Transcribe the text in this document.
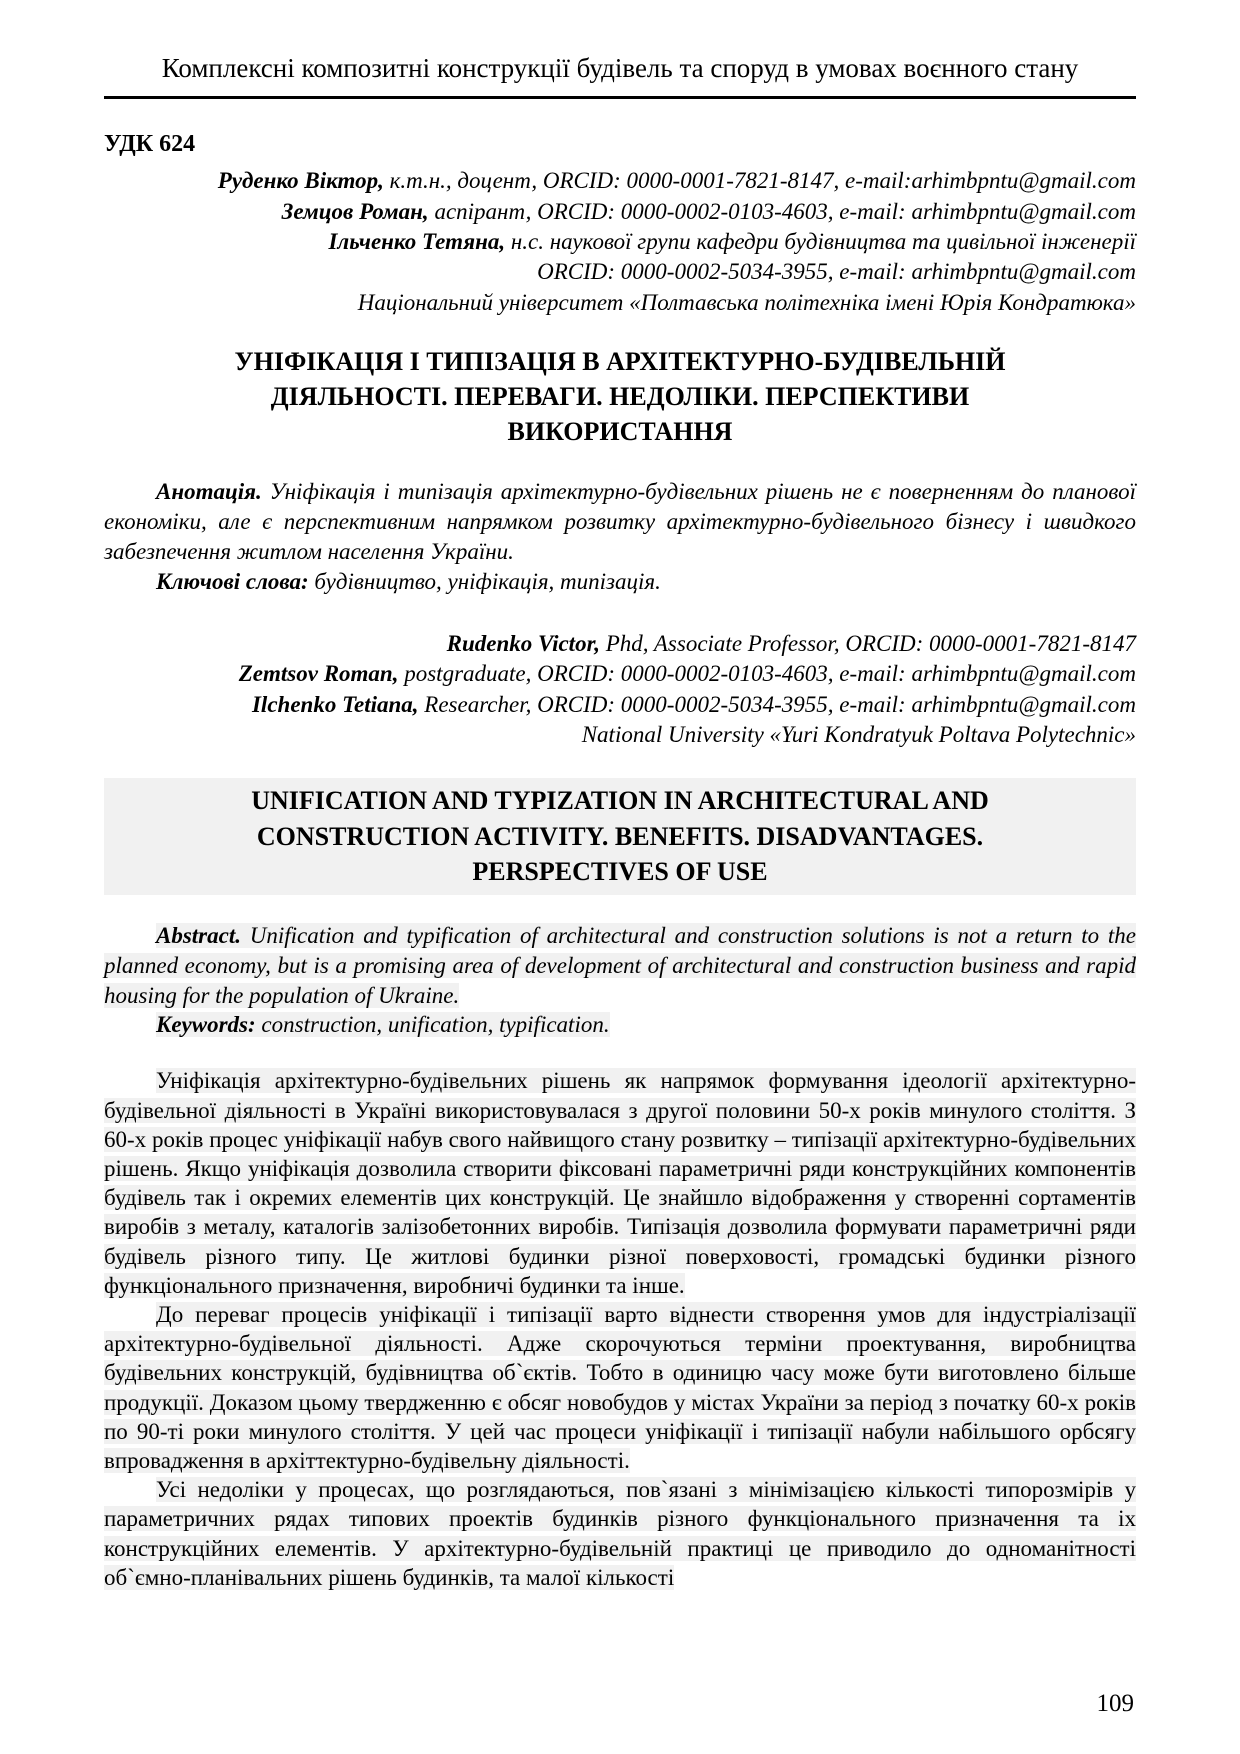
Комплексні композитні конструкції будівель та споруд в умовах воєнного стану
УДК 624

Руденко Віктор, к.т.н., доцент, ORCID: 0000-0001-7821-8147, e-mail:arhimbpntu@gmail.com

Земцов Роман, аспірант, ORCID: 0000-0002-0103-4603, e-mail: arhimbpntu@gmail.com

Ільченко Тетяна, н.с. наукової групи кафедри будівництва та цивільної інженерії

ORCID: 0000-0002-5034-3955, e-mail: arhimbpntu@gmail.com

Національний університет «Полтавська політехніка імені Юрія Кондратюка»

УНІФІКАЦІЯ І ТИПІЗАЦІЯ В АРХІТЕКТУРНО-БУДІВЕЛЬНІЙ ДІЯЛЬНОСТІ. ПЕРЕВАГИ. НЕДОЛІКИ. ПЕРСПЕКТИВИ ВИКОРИСТАННЯ

Анотація. Уніфікація і типізація архітектурно-будівельних рішень не є поверненням до планової економіки, але є перспективним напрямком розвитку архітектурно-будівельного бізнесу і швидкого забезпечення житлом населення України.

Ключові слова: будівництво, уніфікація, типізація.

Rudenko Victor, Phd, Associate Professor, ORCID: 0000-0001-7821-8147

Zemtsov Roman, postgraduate, ORCID: 0000-0002-0103-4603, e-mail: arhimbpntu@gmail.com

Ilchenko Tetiana, Researcher, ORCID: 0000-0002-5034-3955, e-mail: arhimbpntu@gmail.com

National University «Yuri Kondratyuk Poltava Polytechnic»

UNIFICATION AND TYPIZATION IN ARCHITECTURAL AND CONSTRUCTION ACTIVITY. BENEFITS. DISADVANTAGES. PERSPECTIVES OF USE

Abstract. Unification and typification of architectural and construction solutions is not a return to the planned economy, but is a promising area of development of architectural and construction business and rapid housing for the population of Ukraine.

Keywords: construction, unification, typification.

Уніфікація архітектурно-будівельних рішень як напрямок формування ідеології архітектурно-будівельної діяльності в Україні використовувалася з другої половини 50-х років минулого століття. З 60-х років процес уніфікації набув свого найвищого стану розвитку – типізації архітектурно-будівельних рішень. Якщо уніфікація дозволила створити фіксовані параметричні ряди конструкційних компонентів будівель так і окремих елементів цих конструкцій. Це знайшло відображення у створенні сортаментів виробів з металу, каталогів залізобетонних виробів. Типізація дозволила формувати параметричні ряди будівель різного типу. Це житлові будинки різної поверховості, громадські будинки різного функціонального призначення, виробничі будинки та інше.

До переваг процесів уніфікації і типізації варто віднести створення умов для індустріалізації архітектурно-будівельної діяльності. Адже скорочуються терміни проектування, виробництва будівельних конструкцій, будівництва об`єктів. Тобто в одиницю часу може бути виготовлено більше продукції. Доказом цьому твердженню є обсяг новобудов у містах України за період з початку 60-х років по 90-ті роки минулого століття. У цей час процеси уніфікації і типізації набули набільшого орбсягу впровадження в архіттектурно-будівельну діяльності.

Усі недоліки у процесах, що розглядаються, пов`язані з мінімізацією кількості типорозмірів у параметричних рядах типових проектів будинків різного функціонального призначення та іх конструкційних елементів. У архітектурно-будівельній практиці це приводило до одноманітності об`ємно-планівальних рішень будинків, та малої кількості

109
